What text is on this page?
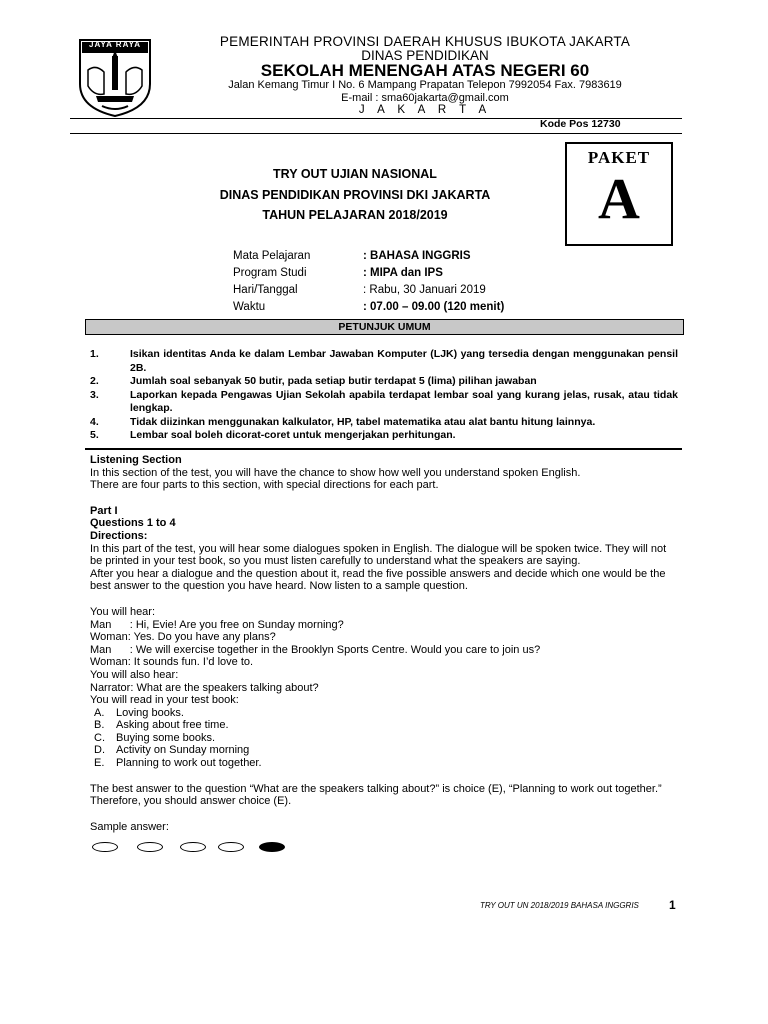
JAYA RAYA	PEMERINTAH PROVINSI DAERAH KHUSUS IBUKOTA JAKARTA
DINAS PENDIDIKAN
SEKOLAH MENENGAH ATAS NEGERI 60
Jalan Kemang Timur I No. 6 Mampang Prapatan Telepon 7992054 Fax. 7983619
E-mail : sma60jakarta@gmail.com
J A K A R T A
Kode Pos 12730
TRY OUT UJIAN NASIONAL
DINAS PENDIDIKAN PROVINSI DKI JAKARTA
TAHUN PELAJARAN 2018/2019
PAKET
A
Mata Pelajaran	: BAHASA INGGRIS
Program Studi	: MIPA dan IPS
Hari/Tanggal	: Rabu, 30 Januari 2019
Waktu	: 07.00 – 09.00 (120 menit)
PETUNJUK UMUM
1.	Isikan identitas Anda ke dalam Lembar Jawaban Komputer (LJK) yang tersedia dengan menggunakan pensil 2B.
2.	Jumlah soal sebanyak 50 butir, pada setiap butir terdapat 5 (lima) pilihan jawaban
3.	Laporkan kepada Pengawas Ujian Sekolah apabila terdapat lembar soal yang kurang jelas, rusak, atau tidak lengkap.
4.	Tidak diizinkan menggunakan kalkulator, HP, tabel matematika atau alat bantu hitung lainnya.
5.	Lembar soal boleh dicorat-coret untuk mengerjakan perhitungan.
Listening Section
In this section of the test, you will have the chance to show how well you understand spoken English.
There are four parts to this section, with special directions for each part.
Part I
Questions 1 to 4
Directions:
In this part of the test, you will hear some dialogues spoken in English. The dialogue will be spoken twice. They will not be printed in your test book, so you must listen carefully to understand what the speakers are saying.
After you hear a dialogue and the question about it, read the five possible answers and decide which one would be the best answer to the question you have heard. Now listen to a sample question.
You will hear:
Man      : Hi, Evie! Are you free on Sunday morning?
Woman: Yes. Do you have any plans?
Man      : We will exercise together in the Brooklyn Sports Centre. Would you care to join us?
Woman: It sounds fun. I’d love to.
You will also hear:
Narrator: What are the speakers talking about?
You will read in your test book:
A. Loving books.
B. Asking about free time.
C. Buying some books.
D. Activity on Sunday morning
E. Planning to work out together.
The best answer to the question “What are the speakers talking about?” is choice (E), “Planning to work out together.” Therefore, you should answer choice (E).
Sample answer:
TRY OUT UN 2018/2019 BAHASA INGGRIS	1
